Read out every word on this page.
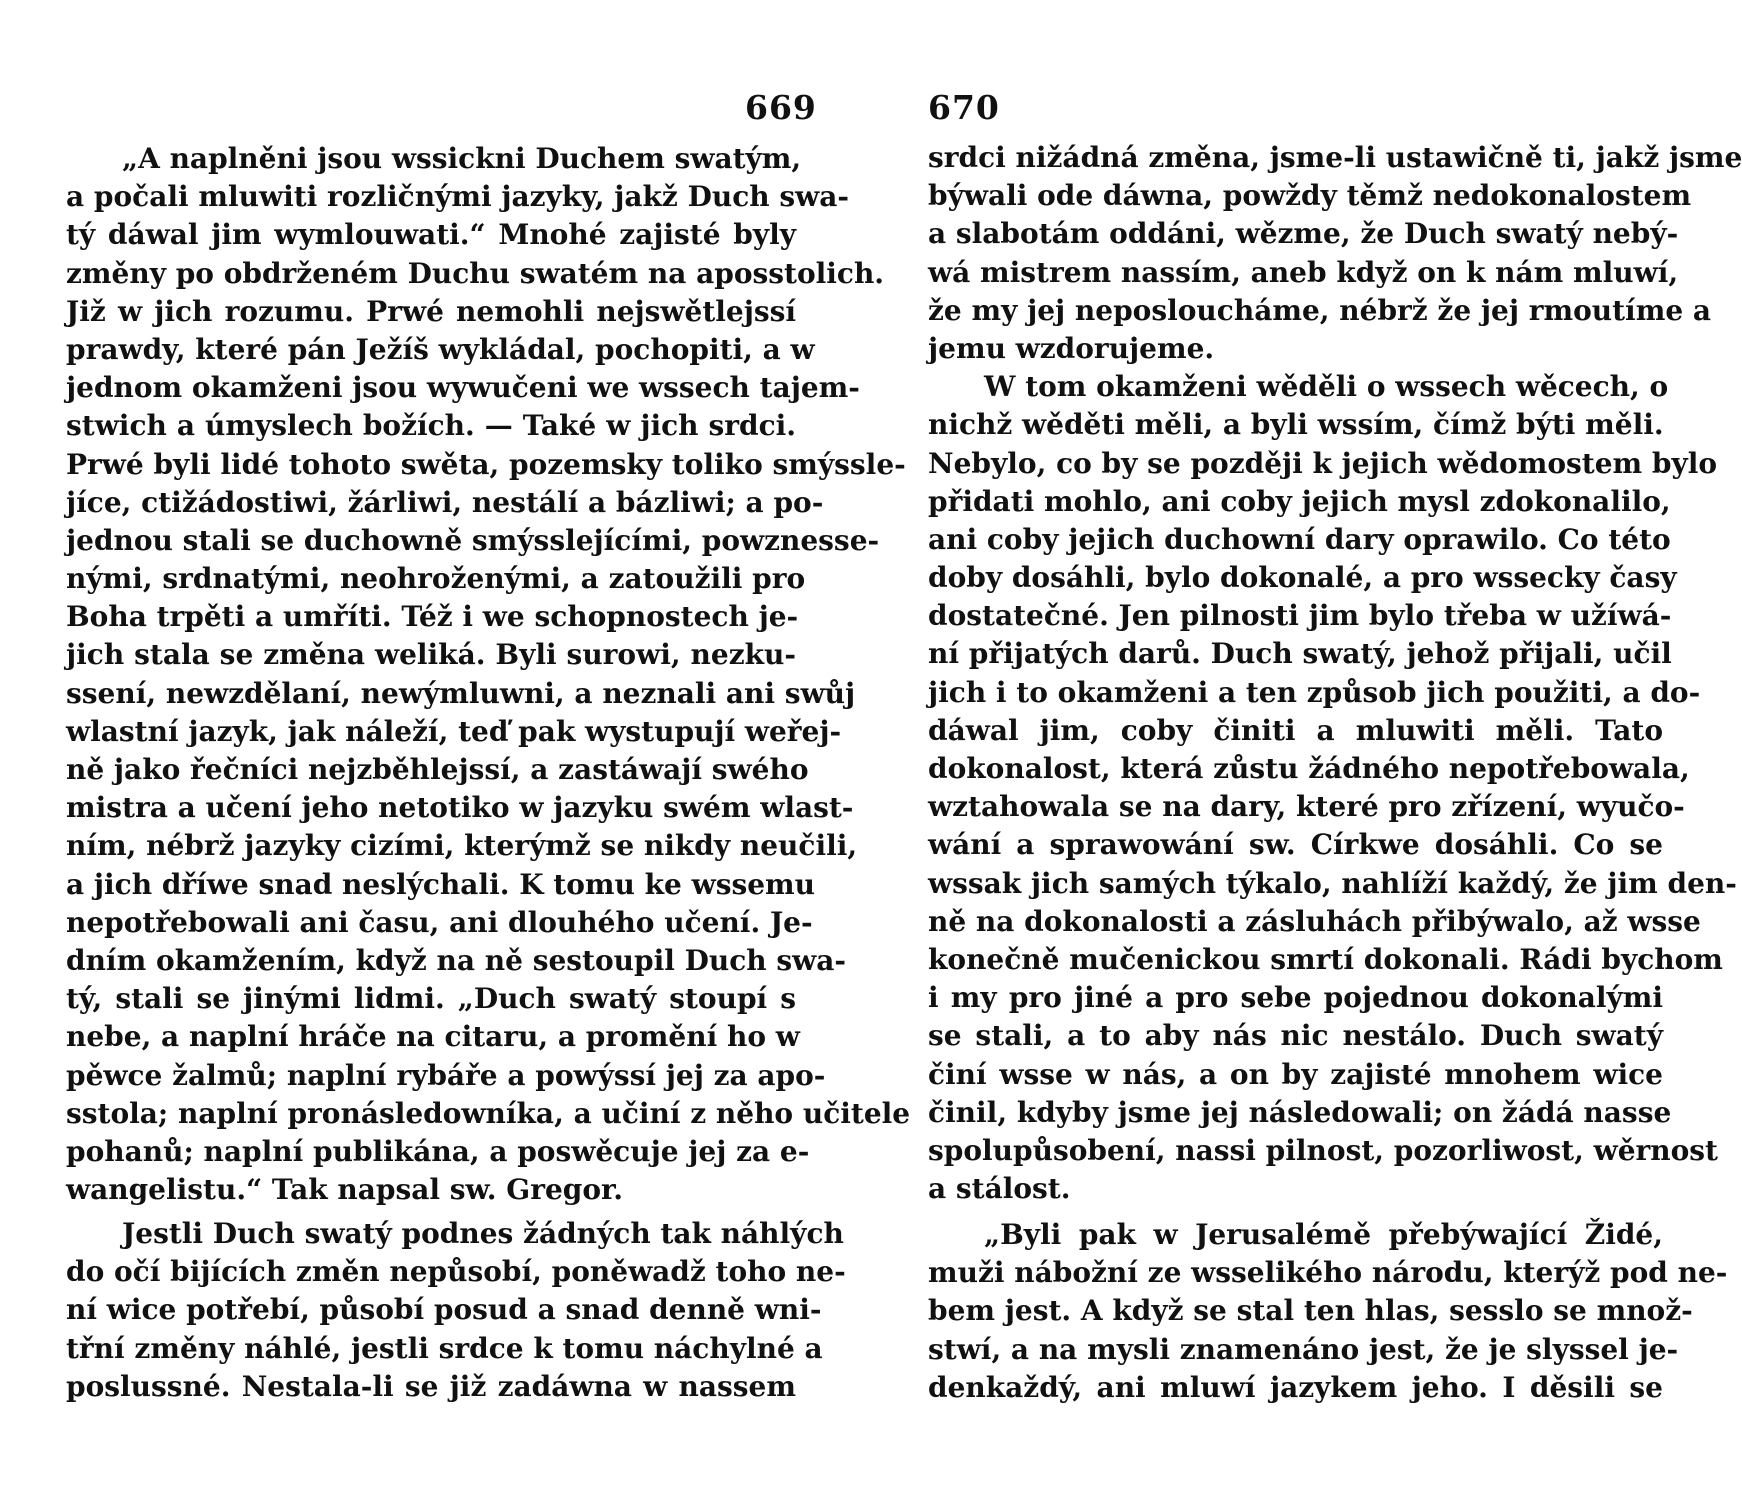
669
„A naplněni jsou wssickni Duchem swatým,
a počali mluwiti rozličnými jazyky, jakž Duch swa-
tý dáwal jim wymlouwati.“ Mnohé zajisté byly
změny po obdrženém Duchu swatém na aposstolich.
Již w jich rozumu. Prwé nemohli nejswětlejssí
prawdy, které pán Ježíš wykládal, pochopiti, a w
jednom okamženi jsou wywučeni we wssech tajem-
stwich a úmyslech božích. — Také w jich srdci.
Prwé byli lidé tohoto swěta, pozemsky toliko smýssle-
jíce, ctižádostiwi, žárliwi, nestálí a bázliwi; a po-
jednou stali se duchowně smýsslejícími, powznesse-
nými, srdnatými, neohroženými, a zatoužili pro
Boha trpěti a umříti. Též i we schopnostech je-
jich stala se změna weliká. Byli surowi, nezku-
ssení, newzdělaní, newýmluwni, a neznali ani swůj
wlastní jazyk, jak náleží, teď pak wystupují weřej-
ně jako řečníci nejzběhlejssí, a zastáwají swého
mistra a učení jeho netotiko w jazyku swém wlast-
ním, nébrž jazyky cizími, kterýmž se nikdy neučili,
a jich dříwe snad neslýchali. K tomu ke wssemu
nepotřebowali ani času, ani dlouhého učení. Je-
dním okamžením, když na ně sestoupil Duch swa-
tý, stali se jinými lidmi. „Duch swatý stoupí s
nebe, a naplní hráče na citaru, a promění ho w
pěwce žalmů; naplní rybáře a powýssí jej za apo-
sstola; naplní pronásledowníka, a učiní z něho učitele
pohanů; naplní publikána, a poswěcuje jej za e-
wangelistu.“ Tak napsal sw. Gregor.
Jestli Duch swatý podnes žádných tak náhlých
do očí bijících změn nepůsobí, poněwadž toho ne-
ní wice potřebí, působí posud a snad denně wni-
třní změny náhlé, jestli srdce k tomu náchylné a
poslussné. Nestala-li se již zadáwna w nassem
670
srdci nižádná změna, jsme-li ustawičně ti, jakž jsme
býwali ode dáwna, powždy těmž nedokonalostem
a slabotám oddáni, wězme, že Duch swatý nebý-
wá mistrem nassím, aneb když on k nám mluwí,
že my jej neposloucháme, nébrž že jej rmoutíme a
jemu wzdorujeme.
W tom okamženi wěděli o wssech wěcech, o
nichž wěděti měli, a byli wssím, čímž býti měli.
Nebylo, co by se později k jejich wědomostem bylo
přidati mohlo, ani coby jejich mysl zdokonalilo,
ani coby jejich duchowní dary oprawilo. Co této
doby dosáhli, bylo dokonalé, a pro wssecky časy
dostatečné. Jen pilnosti jim bylo třeba w užíwá-
ní přijatých darů. Duch swatý, jehož přijali, učil
jich i to okamženi a ten způsob jich použiti, a do-
dáwal jim, coby činiti a mluwiti měli. Tato
dokonalost, která zůstu žádného nepotřebowala,
wztahowala se na dary, které pro zřízení, wyučo-
wání a sprawowání sw. Církwe dosáhli. Co se
wssak jich samých týkalo, nahlíží každý, že jim den-
ně na dokonalosti a zásluhách přibýwalo, až wsse
konečně mučenickou smrtí dokonali. Rádi bychom
i my pro jiné a pro sebe pojednou dokonalými
se stali, a to aby nás nic nestálo. Duch swatý
činí wsse w nás, a on by zajisté mnohem wice
činil, kdyby jsme jej následowali; on žádá nasse
spolupůsobení, nassi pilnost, pozorliwost, wěrnost
a stálost.
„Byli pak w Jerusalémě přebýwající Židé,
muži nábožní ze wsselikého národu, kterýž pod ne-
bem jest. A když se stal ten hlas, sesslo se množ-
stwí, a na mysli znamenáno jest, že je slyssel je-
denkaždý, ani mluwí jazykem jeho. I děsili se
